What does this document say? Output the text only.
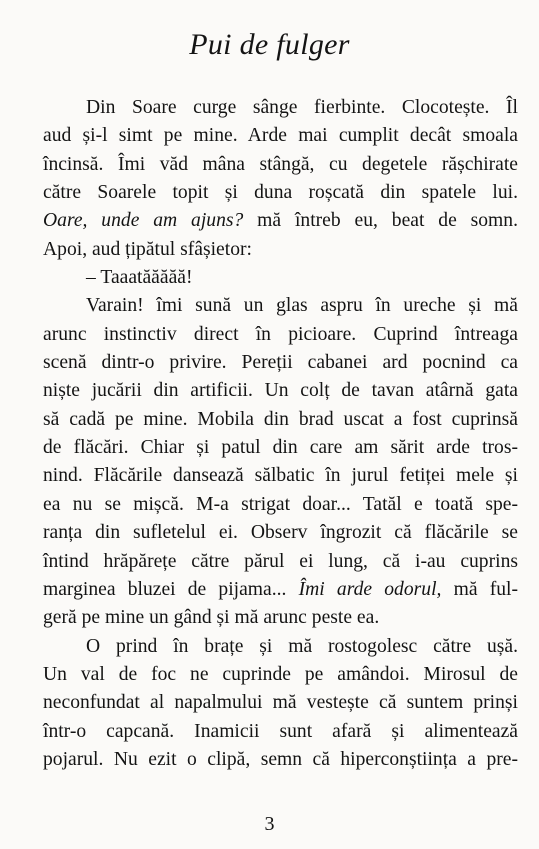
Pui de fulger
Din Soare curge sânge fierbinte. Clocotește. Îl
aud și-l simt pe mine. Arde mai cumplit decât smoala
încinsă. Îmi văd mâna stângă, cu degetele rășchirate
către Soarele topit și duna roșcată din spatele lui.
Oare, unde am ajuns? mă întreb eu, beat de somn.
Apoi, aud țipătul sfâșietor:
– Taaatăăăăă!
Varain! îmi sună un glas aspru în ureche și mă
arunc instinctiv direct în picioare. Cuprind întreaga
scenă dintr-o privire. Pereții cabanei ard pocnind ca
niște jucării din artificii. Un colț de tavan atârnă gata
să cadă pe mine. Mobila din brad uscat a fost cuprinsă
de flăcări. Chiar și patul din care am sărit arde tros-
nind. Flăcările dansează sălbatic în jurul fetiței mele și
ea nu se mișcă. M-a strigat doar... Tatăl e toată spe-
ranța din sufletelul ei. Observ îngrozit că flăcările se
întind hrăpărețe către părul ei lung, că i-au cuprins
marginea bluzei de pijama... Îmi arde odorul, mă ful-
geră pe mine un gând și mă arunc peste ea.
O prind în brațe și mă rostogolesc către ușă.
Un val de foc ne cuprinde pe amândoi. Mirosul de
neconfundat al napalmului mă vestește că suntem prinși
într-o capcană. Inamicii sunt afară și alimentează
pojarul. Nu ezit o clipă, semn că hiperconștiința a pre-
3
